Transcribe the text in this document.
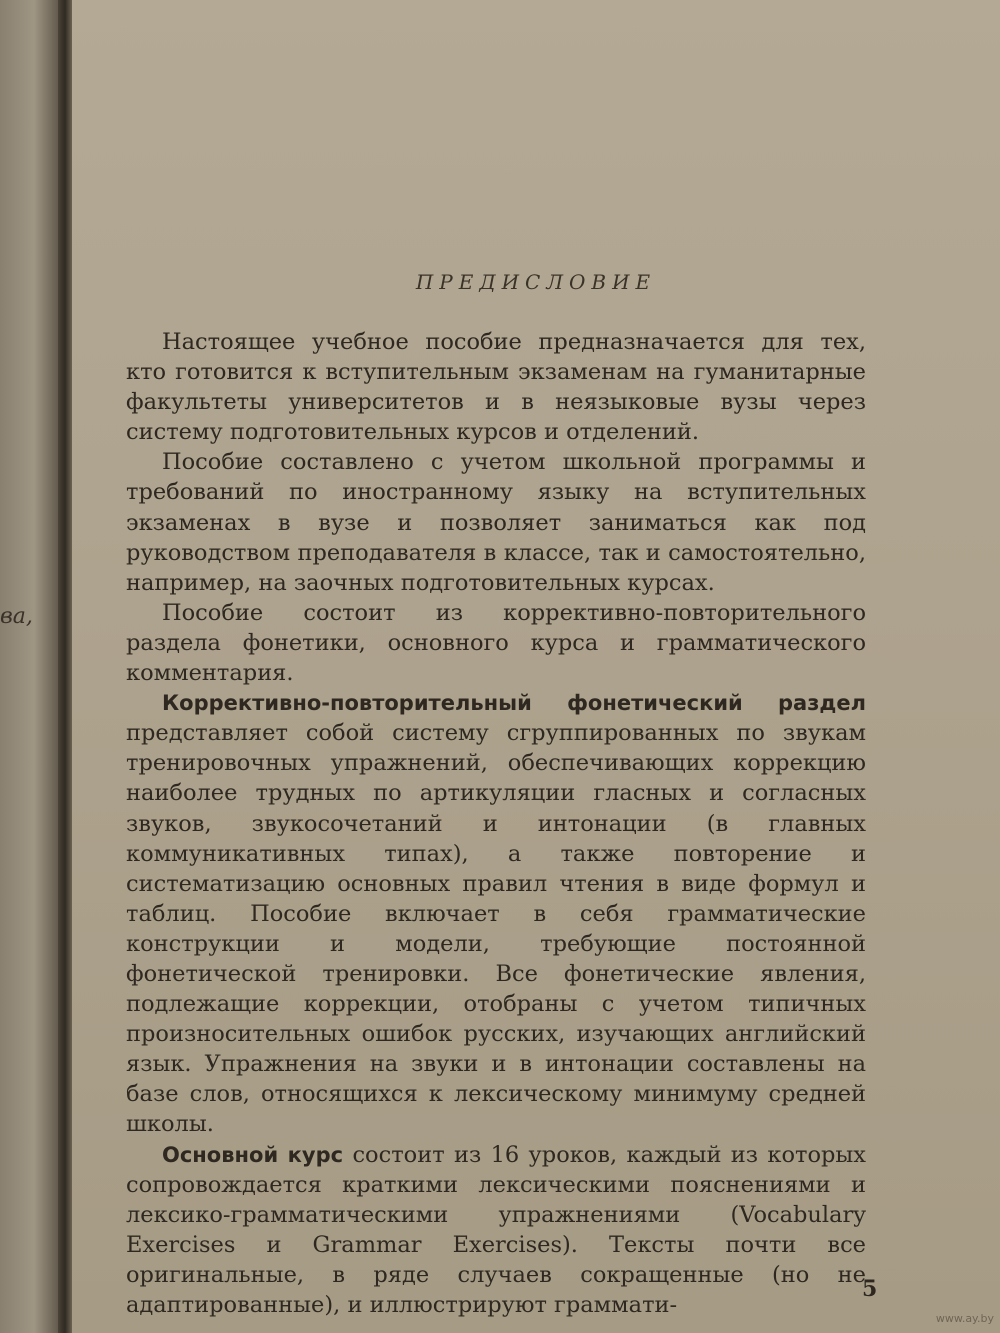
ва,
ПРЕДИСЛОВИЕ

Настоящее учебное пособие предназначается для тех, кто готовится к вступительным экзаменам на гуманитарные факультеты университетов и в неязыковые вузы через систему подготовительных курсов и отделений.

Пособие составлено с учетом школьной программы и требований по иностранному языку на вступительных экзаменах в вузе и позволяет заниматься как под руководством преподавателя в классе, так и самостоятельно, например, на заочных подготовительных курсах.

Пособие состоит из коррективно-повторительного раздела фонетики, основного курса и грамматического комментария.

Коррективно-повторительный фонетический раздел представляет собой систему сгруппированных по звукам тренировочных упражнений, обеспечивающих коррекцию наиболее трудных по артикуляции гласных и согласных звуков, звукосочетаний и интонации (в главных коммуникативных типах), а также повторение и систематизацию основных правил чтения в виде формул и таблиц. Пособие включает в себя грамматические конструкции и модели, требующие постоянной фонетической тренировки. Все фонетические явления, подлежащие коррекции, отобраны с учетом типичных произносительных ошибок русских, изучающих английский язык. Упражнения на звуки и в интонации составлены на базе слов, относящихся к лексическому минимуму средней школы.

Основной курс состоит из 16 уроков, каждый из которых сопровождается краткими лексическими пояснениями и лексико-грамматическими упражнениями (Vocabulary Exercises и Grammar Exercises). Тексты почти все оригинальные, в ряде случаев сокращенные (но не адаптированные), и иллюстрируют граммати-

5
www.ay.by
